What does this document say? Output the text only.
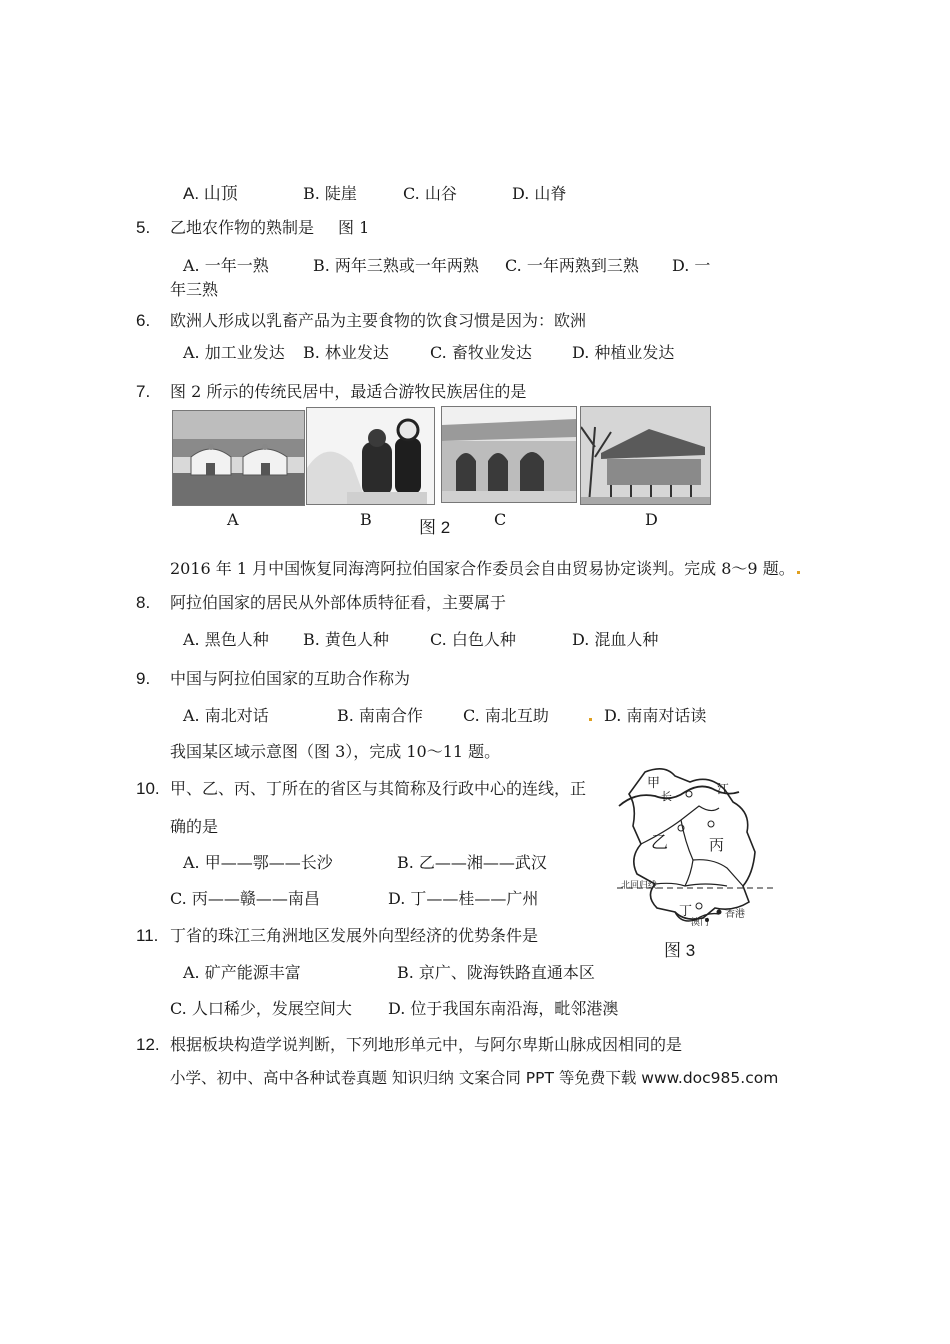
A. 山顶	B. 陡崖	C. 山谷	D. 山脊
5. 乙地农作物的熟制是 图 1
A. 一年一熟	B. 两年三熟或一年两熟 C. 一年两熟到三熟 D. 一
年三熟
6. 欧洲人形成以乳畜产品为主要食物的饮食习惯是因为：欧洲
A. 加工业发达 B. 林业发达	C. 畜牧业发达	D. 种植业发达
7. 图 2 所示的传统民居中，最适合游牧民族居住的是
A	B	C	D
图 2
2016 年 1 月中国恢复同海湾阿拉伯国家合作委员会自由贸易协定谈判。完成 8～9 题。
8. 阿拉伯国家的居民从外部体质特征看，主要属于
A. 黑色人种 B. 黄色人种	C. 白色人种	D. 混血人种
9. 中国与阿拉伯国家的互助合作称为
A. 南北对话	B. 南南合作	C. 南北互助	D. 南南对话读
我国某区域示意图（图 3），完成 10～11 题。
10. 甲、乙、丙、丁所在的省区与其简称及行政中心的连线，正
确的是
A. 甲——鄂——长沙	B. 乙——湘——武汉
C. 丙——赣——南昌	D. 丁——桂——广州
11. 丁省的珠江三角洲地区发展外向型经济的优势条件是
A. 矿产能源丰富	B. 京广、陇海铁路直通本区
C. 人口稀少，发展空间大 D. 位于我国东南沿海，毗邻港澳
12. 根据板块构造学说判断，下列地形单元中，与阿尔卑斯山脉成因相同的是
甲
长
江
乙	丙
北回归线
丁
澳门
香港
图 3
小学、初中、高中各种试卷真题 知识归纳 文案合同 PPT 等免费下载 www.doc985.com
